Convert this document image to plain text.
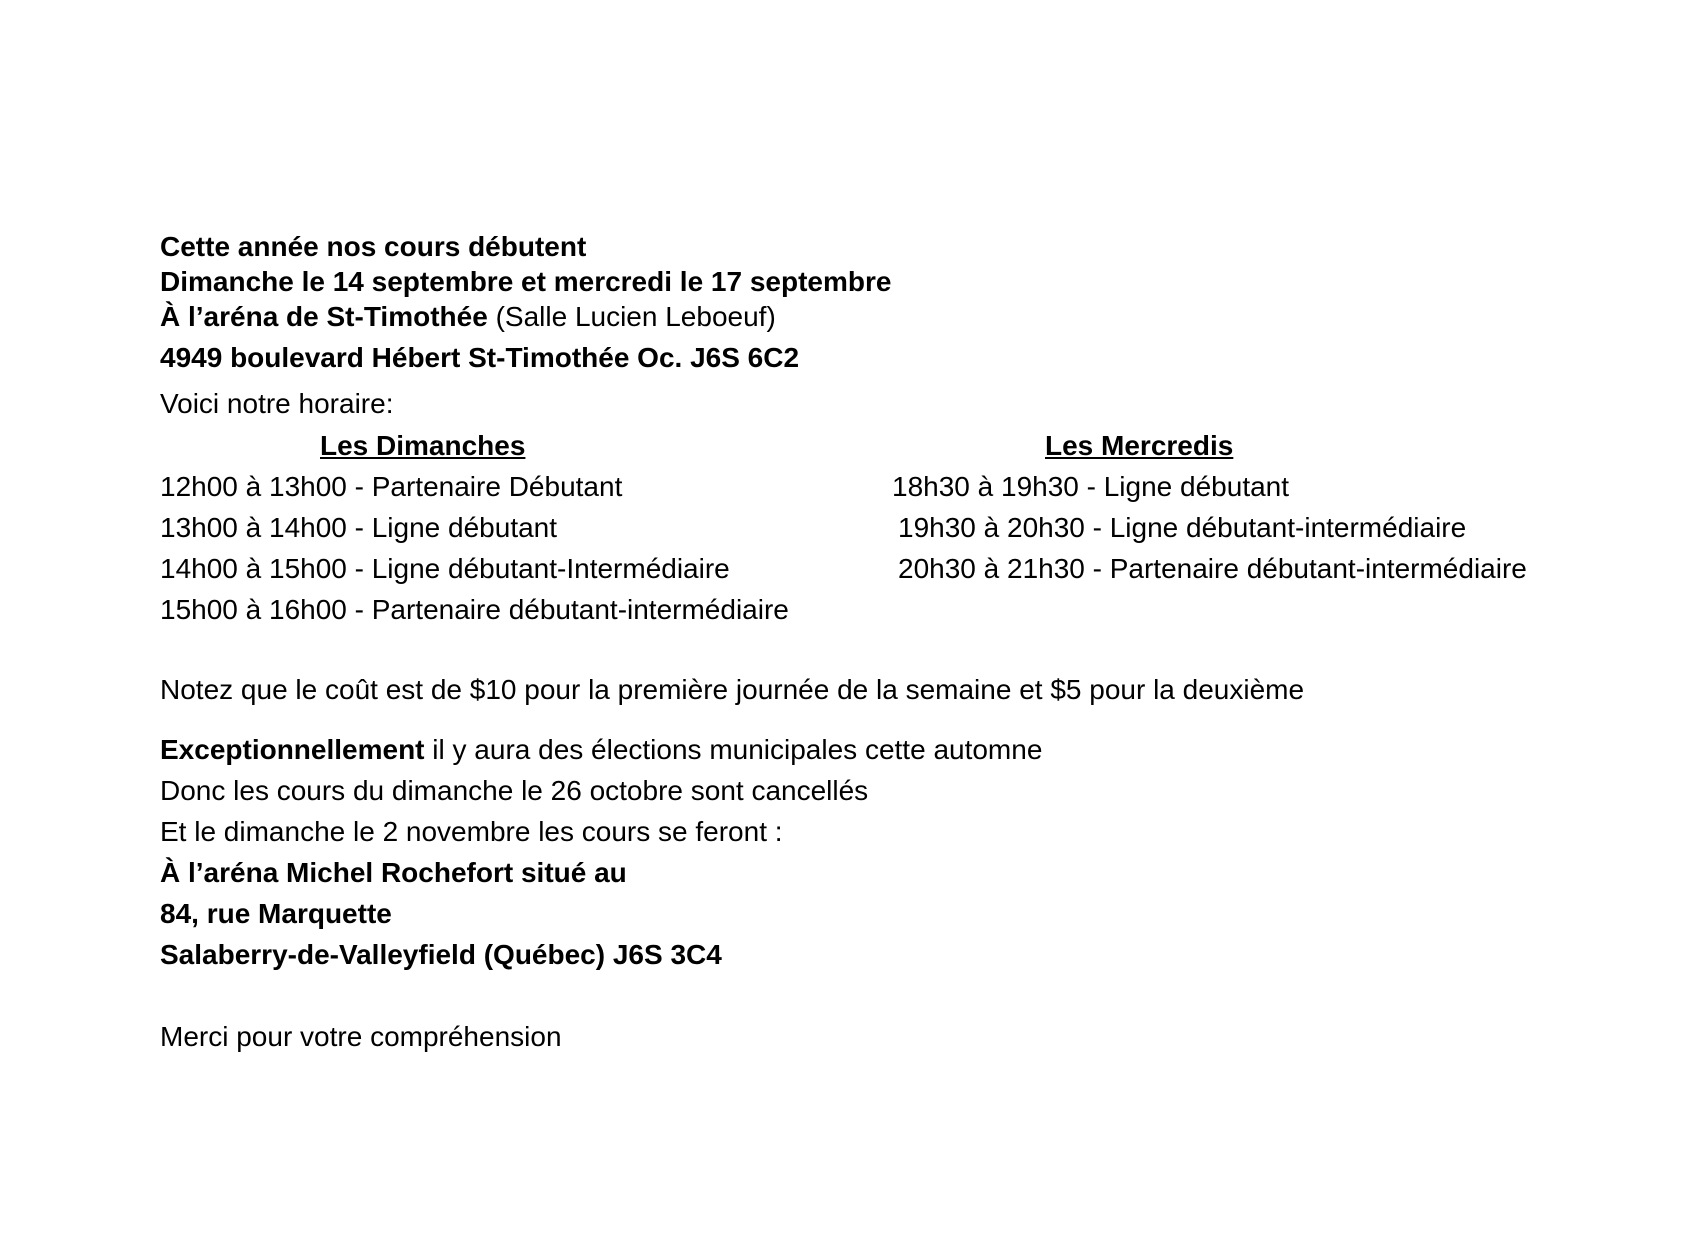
Cette année nos cours débutent
Dimanche le 14 septembre et mercredi le 17 septembre
À l’aréna de St-Timothée (Salle Lucien Leboeuf)
4949 boulevard Hébert St-Timothée Oc. J6S 6C2
Voici notre horaire:
Les Dimanches	Les Mercredis
12h00 à 13h00 - Partenaire Débutant
13h00 à 14h00 - Ligne débutant
14h00 à 15h00 - Ligne débutant-Intermédiaire
15h00 à 16h00 - Partenaire débutant-intermédiaire
18h30 à 19h30 - Ligne débutant
19h30 à 20h30 - Ligne débutant-intermédiaire
20h30 à 21h30 - Partenaire débutant-intermédiaire
Notez que le coût est de $10 pour la première journée de la semaine et $5 pour la deuxième
Exceptionnellement il y aura des élections municipales cette automne
Donc les cours du dimanche le 26 octobre sont cancellés
Et le dimanche le 2 novembre les cours se feront :
À l’aréna Michel Rochefort situé au
84, rue Marquette
Salaberry-de-Valleyfield (Québec) J6S 3C4
Merci pour votre compréhension
